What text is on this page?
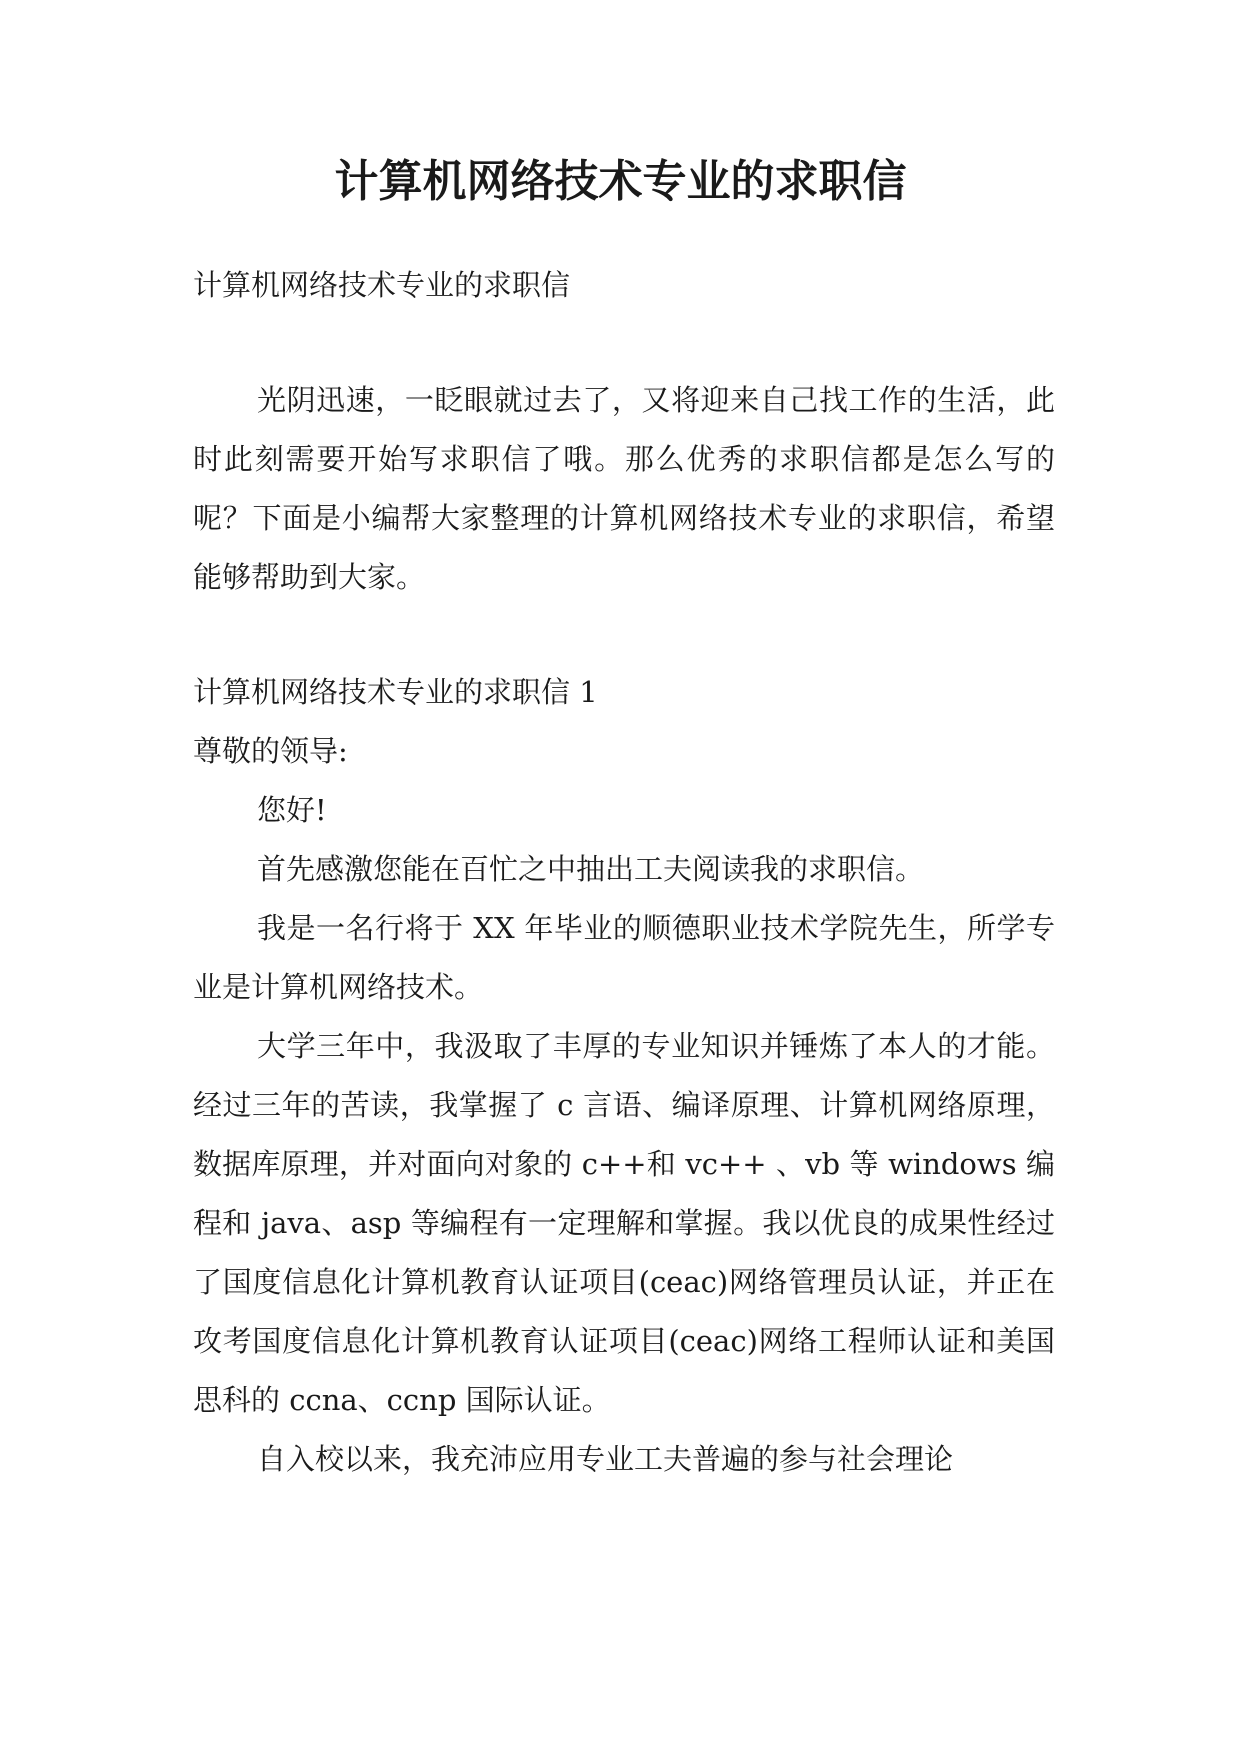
计算机网络技术专业的求职信

计算机网络技术专业的求职信

光阴迅速，一眨眼就过去了，又将迎来自己找工作的生活，此时此刻需要开始写求职信了哦。那么优秀的求职信都是怎么写的呢？下面是小编帮大家整理的计算机网络技术专业的求职信，希望能够帮助到大家。

计算机网络技术专业的求职信 1

尊敬的领导:

您好!

首先感激您能在百忙之中抽出工夫阅读我的求职信。

我是一名行将于 XX 年毕业的顺德职业技术学院先生，所学专业是计算机网络技术。

大学三年中，我汲取了丰厚的专业知识并锤炼了本人的才能。经过三年的苦读，我掌握了 c 言语、编译原理、计算机网络原理，数据库原理，并对面向对象的 c++和 vc++ 、vb 等 windows 编程和 java、asp 等编程有一定理解和掌握。我以优良的成果性经过了国度信息化计算机教育认证项目(ceac)网络管理员认证，并正在攻考国度信息化计算机教育认证项目(ceac)网络工程师认证和美国思科的 ccna、ccnp 国际认证。

自入校以来，我充沛应用专业工夫普遍的参与社会理论
